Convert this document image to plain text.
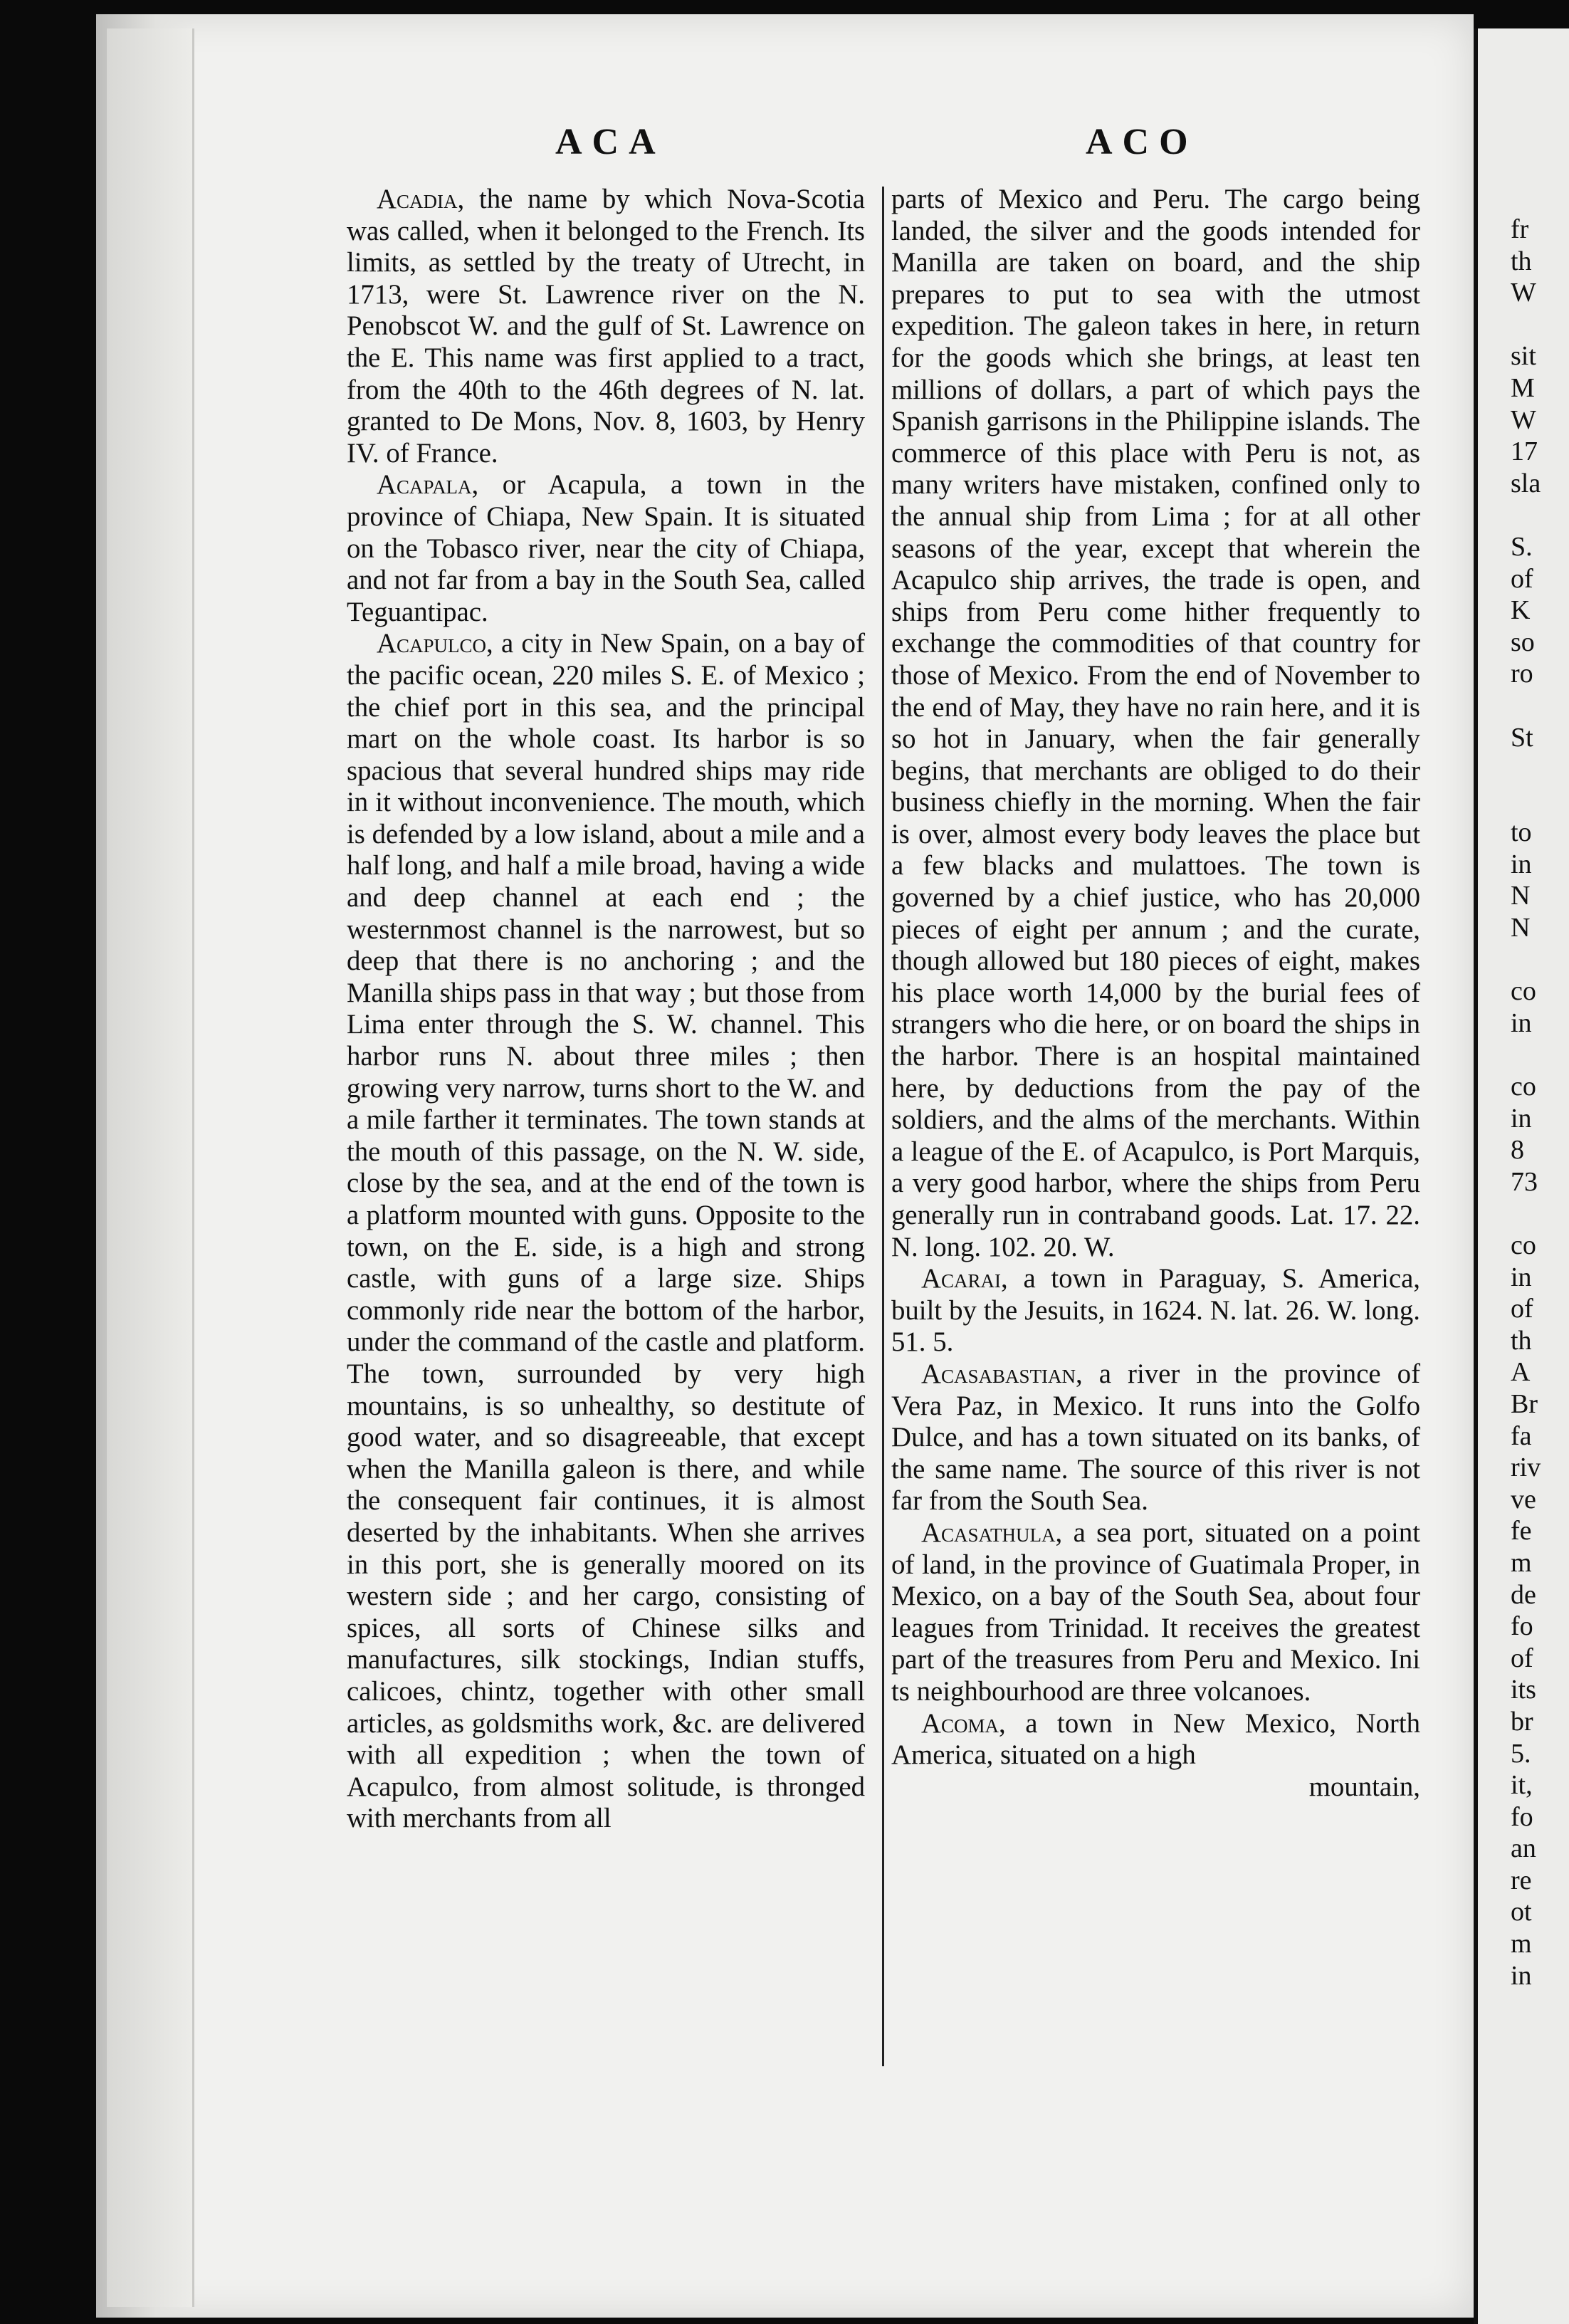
ACA	ACO

Acadia, the name by which Nova-Scotia was called, when it belonged to the French. Its limits, as settled by the treaty of Utrecht, in 1713, were St. Lawrence river on the N. Penobscot W. and the gulf of St. Lawrence on the E. This name was first applied to a tract, from the 40th to the 46th degrees of N. lat. granted to De Mons, Nov. 8, 1603, by Henry IV. of France.

Acapala, or Acapula, a town in the province of Chiapa, New Spain. It is situated on the Tobasco river, near the city of Chiapa, and not far from a bay in the South Sea, called Teguantipac.

Acapulco, a city in New Spain, on a bay of the pacific ocean, 220 miles S. E. of Mexico ; the chief port in this sea, and the principal mart on the whole coast. Its harbor is so spacious that several hundred ships may ride in it without inconvenience. The mouth, which is defended by a low island, about a mile and a half long, and half a mile broad, having a wide and deep channel at each end ; the westernmost channel is the narrowest, but so deep that there is no anchoring ; and the Manilla ships pass in that way ; but those from Lima enter through the S. W. channel. This harbor runs N. about three miles ; then growing very narrow, turns short to the W. and a mile farther it terminates. The town stands at the mouth of this passage, on the N. W. side, close by the sea, and at the end of the town is a platform mounted with guns. Opposite to the town, on the E. side, is a high and strong castle, with guns of a large size. Ships commonly ride near the bottom of the harbor, under the command of the castle and platform. The town, surrounded by very high mountains, is so unhealthy, so destitute of good water, and so disagreeable, that except when the Manilla galeon is there, and while the consequent fair continues, it is almost deserted by the inhabitants. When she arrives in this port, she is generally moored on its western side ; and her cargo, consisting of spices, all sorts of Chinese silks and manufactures, silk stockings, Indian stuffs, calicoes, chintz, together with other small articles, as goldsmiths work, &c. are delivered with all expedition ; when the town of Acapulco, from almost solitude, is thronged with merchants from all

parts of Mexico and Peru. The cargo being landed, the silver and the goods intended for Manilla are taken on board, and the ship prepares to put to sea with the utmost expedition. The galeon takes in here, in return for the goods which she brings, at least ten millions of dollars, a part of which pays the Spanish garrisons in the Philippine islands. The commerce of this place with Peru is not, as many writers have mistaken, confined only to the annual ship from Lima ; for at all other seasons of the year, except that wherein the Acapulco ship arrives, the trade is open, and ships from Peru come hither frequently to exchange the commodities of that country for those of Mexico. From the end of November to the end of May, they have no rain here, and it is so hot in January, when the fair generally begins, that merchants are obliged to do their business chiefly in the morning. When the fair is over, almost every body leaves the place but a few blacks and mulattoes. The town is governed by a chief justice, who has 20,000 pieces of eight per annum ; and the curate, though allowed but 180 pieces of eight, makes his place worth 14,000 by the burial fees of strangers who die here, or on board the ships in the harbor. There is an hospital maintained here, by deductions from the pay of the soldiers, and the alms of the merchants. Within a league of the E. of Acapulco, is Port Marquis, a very good harbor, where the ships from Peru generally run in contraband goods. Lat. 17. 22. N. long. 102. 20. W.

Acarai, a town in Paraguay, S. America, built by the Jesuits, in 1624. N. lat. 26. W. long. 51. 5.

Acasabastian, a river in the province of Vera Paz, in Mexico. It runs into the Golfo Dulce, and has a town situated on its banks, of the same name. The source of this river is not far from the South Sea.

Acasathula, a sea port, situated on a point of land, in the province of Guatimala Proper, in Mexico, on a bay of the South Sea, about four leagues from Trinidad. It receives the greatest part of the treasures from Peru and Mexico. Ini ts neighbourhood are three volcanoes.

Acoma, a town in New Mexico, North America, situated on a high

mountain,

fr
th
W
sit
M
W
17
sla
S.
of
K
so
ro
St
to
in
N
N
co
in
co
in
8
73
co
in
of
th
A
Br
fa
riv
ve
fe
m
de
fo
of
its
br
5.
it,
fo
an
re
ot
m
in
